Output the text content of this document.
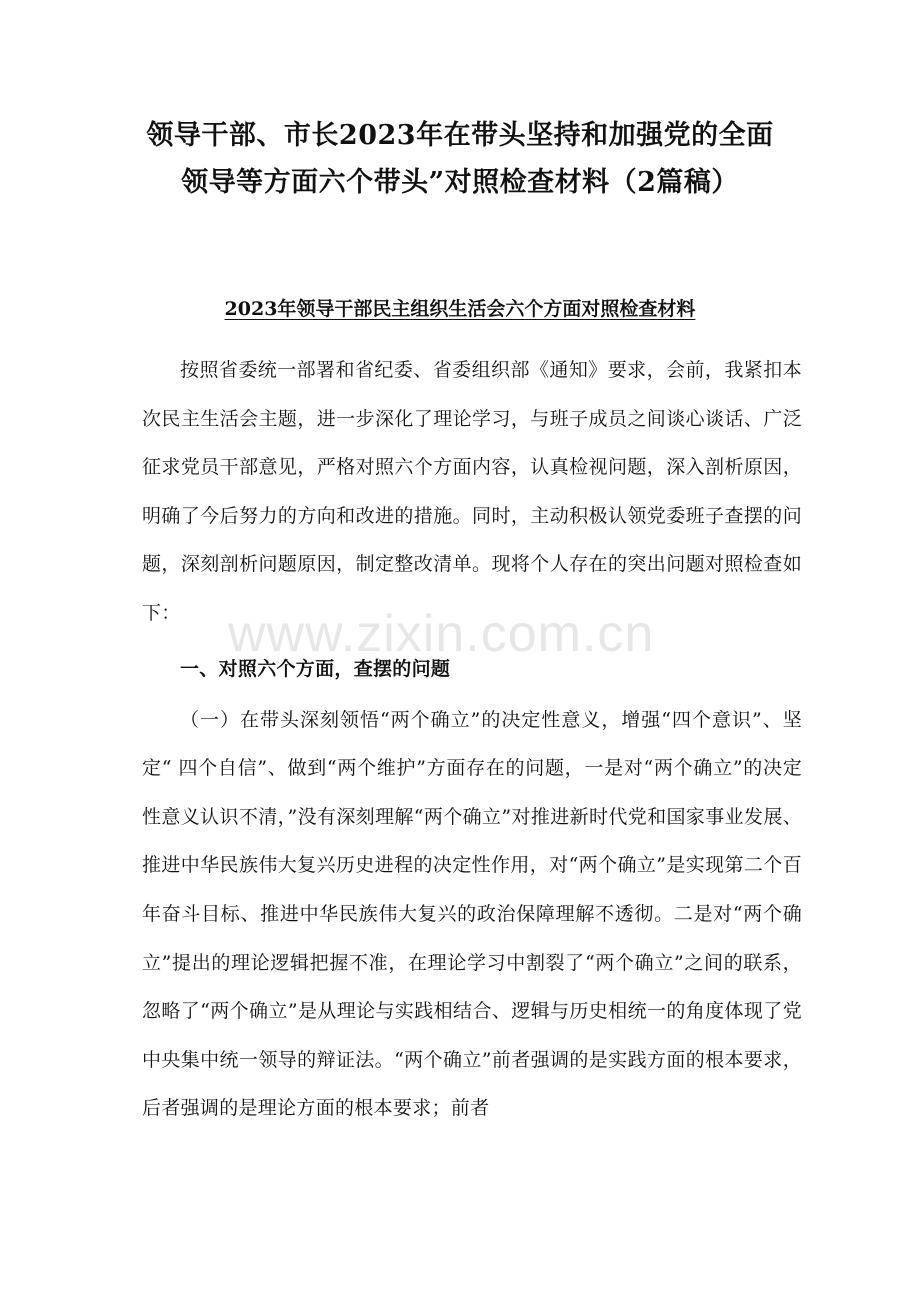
领导干部、市长2023年在带头坚持和加强党的全面
领导等方面六个带头”对照检查材料（2篇稿）
2023年领导干部民主组织生活会六个方面对照检查材料

按照省委统一部署和省纪委、省委组织部《通知》要求，会前，我紧扣本次民主生活会主题，进一步深化了理论学习，与班子成员之间谈心谈话、广泛征求党员干部意见，严格对照六个方面内容，认真检视问题，深入剖析原因，明确了今后努力的方向和改进的措施。同时，主动积极认领党委班子查摆的问题，深刻剖析问题原因，制定整改清单。现将个人存在的突出问题对照检查如下：

一、对照六个方面，查摆的问题

（一）在带头深刻领悟“两个确立”的决定性意义，增强“四个意识”、坚定“ 四个自信”、做到“两个维护”方面存在的问题，一是对“两个确立”的决定性意义认识不清，”没有深刻理解“两个确立”对推进新时代党和国家事业发展、推进中华民族伟大复兴历史进程的决定性作用，对“两个确立”是实现第二个百年奋斗目标、推进中华民族伟大复兴的政治保障理解不透彻。二是对“两个确立”提出的理论逻辑把握不准，在理论学习中割裂了“两个确立”之间的联系，忽略了“两个确立”是从理论与实践相结合、逻辑与历史相统一的角度体现了党中央集中统一领导的辩证法。“两个确立”前者强调的是实践方面的根本要求，后者强调的是理论方面的根本要求；前者

www.zixin.com.cn
